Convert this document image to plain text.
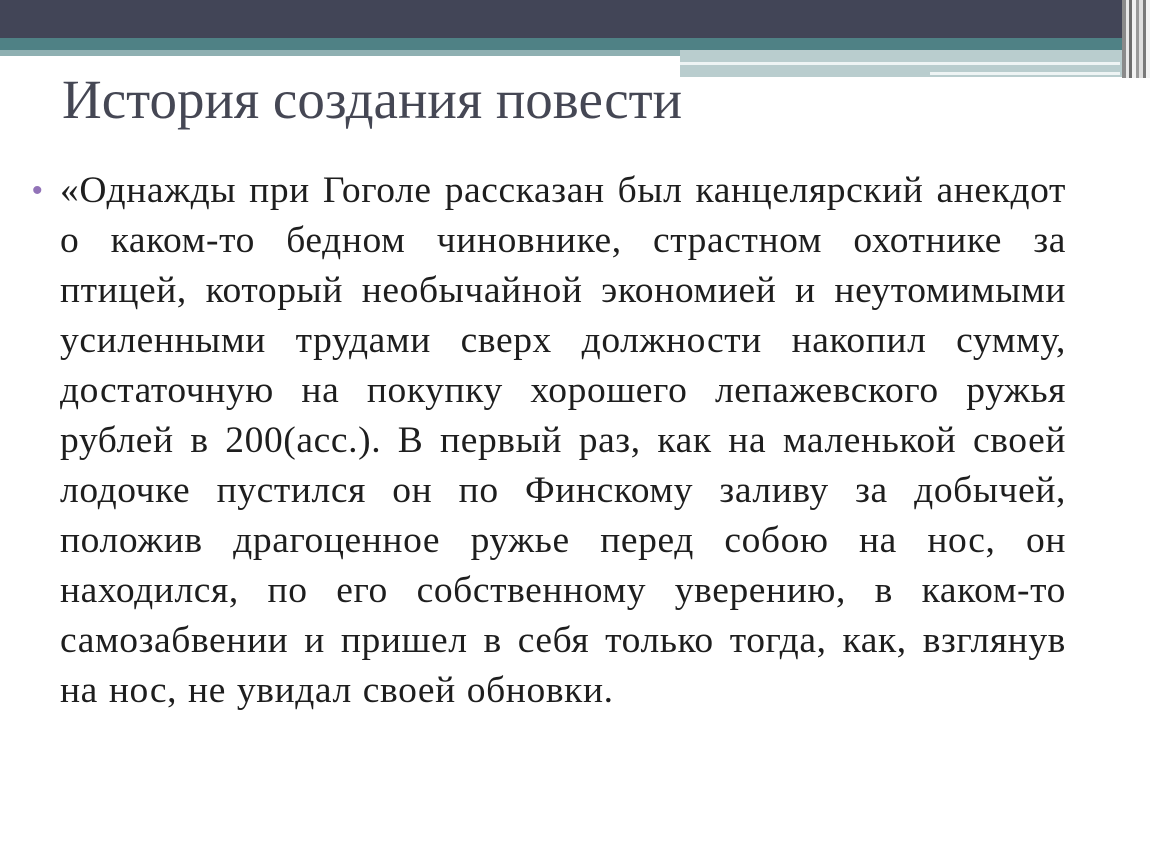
История создания повести
• «Однажды при Гоголе рассказан был канцелярский анекдот о каком-то бедном чиновнике, страстном охотнике за птицей, который необычайной экономией и неутомимыми усиленными трудами сверх должности накопил сумму, достаточную на покупку хорошего лепажевского ружья рублей в 200(асс.). В первый раз, как на маленькой своей лодочке пустился он по Финскому заливу за добычей, положив драгоценное ружье перед собою на нос, он находился, по его собственному уверению, в каком-то самозабвении и пришел в себя только тогда, как, взглянув на нос, не увидал своей обновки.
